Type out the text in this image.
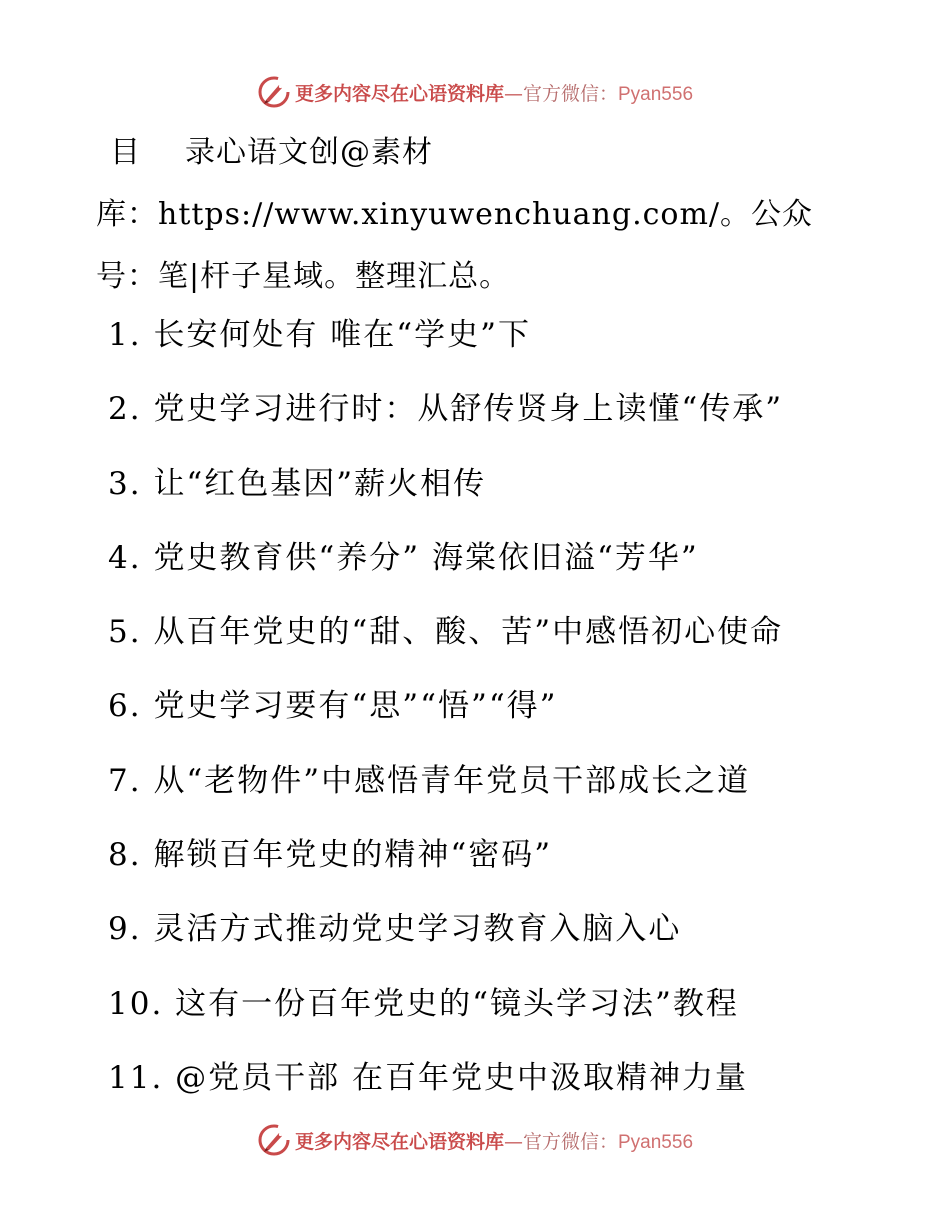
更多内容尽在心语资料库—官方微信：Pyan556
目 录心语文创@素材
库：https://www.xinyuwenchuang.com/。公众
号：笔|杆子星域。整理汇总。
1. 长安何处有 唯在“学史”下
2. 党史学习进行时：从舒传贤身上读懂“传承”
3. 让“红色基因”薪火相传
4. 党史教育供“养分” 海棠依旧溢“芳华”
5. 从百年党史的“甜、酸、苦”中感悟初心使命
6. 党史学习要有“思”“悟”“得”
7. 从“老物件”中感悟青年党员干部成长之道
8. 解锁百年党史的精神“密码”
9. 灵活方式推动党史学习教育入脑入心
10. 这有一份百年党史的“镜头学习法”教程
11. @党员干部 在百年党史中汲取精神力量
更多内容尽在心语资料库—官方微信：Pyan556
